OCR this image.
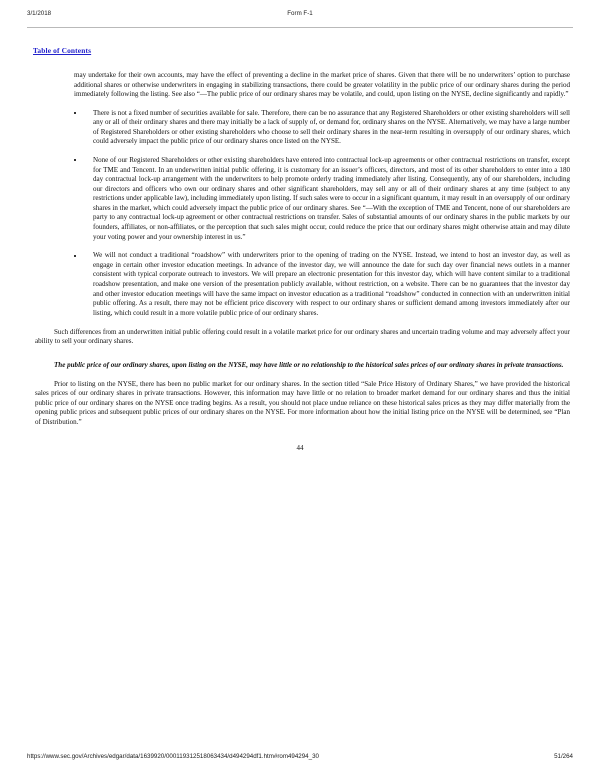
3/1/2018	Form F-1
Table of Contents

may undertake for their own accounts, may have the effect of preventing a decline in the market price of shares. Given that there will be no underwriters’ option to purchase additional shares or otherwise underwriters in engaging in stabilizing transactions, there could be greater volatility in the public price of our ordinary shares during the period immediately following the listing. See also “—The public price of our ordinary shares may be volatile, and could, upon listing on the NYSE, decline significantly and rapidly.”

There is not a fixed number of securities available for sale. Therefore, there can be no assurance that any Registered Shareholders or other existing shareholders will sell any or all of their ordinary shares and there may initially be a lack of supply of, or demand for, ordinary shares on the NYSE. Alternatively, we may have a large number of Registered Shareholders or other existing shareholders who choose to sell their ordinary shares in the near-term resulting in oversupply of our ordinary shares, which could adversely impact the public price of our ordinary shares once listed on the NYSE.
None of our Registered Shareholders or other existing shareholders have entered into contractual lock-up agreements or other contractual restrictions on transfer, except for TME and Tencent. In an underwritten initial public offering, it is customary for an issuer’s officers, directors, and most of its other shareholders to enter into a 180 day contractual lock-up arrangement with the underwriters to help promote orderly trading immediately after listing. Consequently, any of our shareholders, including our directors and officers who own our ordinary shares and other significant shareholders, may sell any or all of their ordinary shares at any time (subject to any restrictions under applicable law), including immediately upon listing. If such sales were to occur in a significant quantum, it may result in an oversupply of our ordinary shares in the market, which could adversely impact the public price of our ordinary shares. See “—With the exception of TME and Tencent, none of our shareholders are party to any contractual lock-up agreement or other contractual restrictions on transfer. Sales of substantial amounts of our ordinary shares in the public markets by our founders, affiliates, or non-affiliates, or the perception that such sales might occur, could reduce the price that our ordinary shares might otherwise attain and may dilute your voting power and your ownership interest in us.”
We will not conduct a traditional “roadshow” with underwriters prior to the opening of trading on the NYSE. Instead, we intend to host an investor day, as well as engage in certain other investor education meetings. In advance of the investor day, we will announce the date for such day over financial news outlets in a manner consistent with typical corporate outreach to investors. We will prepare an electronic presentation for this investor day, which will have content similar to a traditional roadshow presentation, and make one version of the presentation publicly available, without restriction, on a website. There can be no guarantees that the investor day and other investor education meetings will have the same impact on investor education as a traditional “roadshow” conducted in connection with an underwritten initial public offering. As a result, there may not be efficient price discovery with respect to our ordinary shares or sufficient demand among investors immediately after our listing, which could result in a more volatile public price of our ordinary shares.

Such differences from an underwritten initial public offering could result in a volatile market price for our ordinary shares and uncertain trading volume and may adversely affect your ability to sell your ordinary shares.

The public price of our ordinary shares, upon listing on the NYSE, may have little or no relationship to the historical sales prices of our ordinary shares in private transactions.

Prior to listing on the NYSE, there has been no public market for our ordinary shares. In the section titled “Sale Price History of Ordinary Shares,” we have provided the historical sales prices of our ordinary shares in private transactions. However, this information may have little or no relation to broader market demand for our ordinary shares and thus the initial public price of our ordinary shares on the NYSE once trading begins. As a result, you should not place undue reliance on these historical sales prices as they may differ materially from the opening public prices and subsequent public prices of our ordinary shares on the NYSE. For more information about how the initial listing price on the NYSE will be determined, see “Plan of Distribution.”

44
https://www.sec.gov/Archives/edgar/data/1639920/000119312518063434/d494294df1.htm#rom494294_30	51/264
